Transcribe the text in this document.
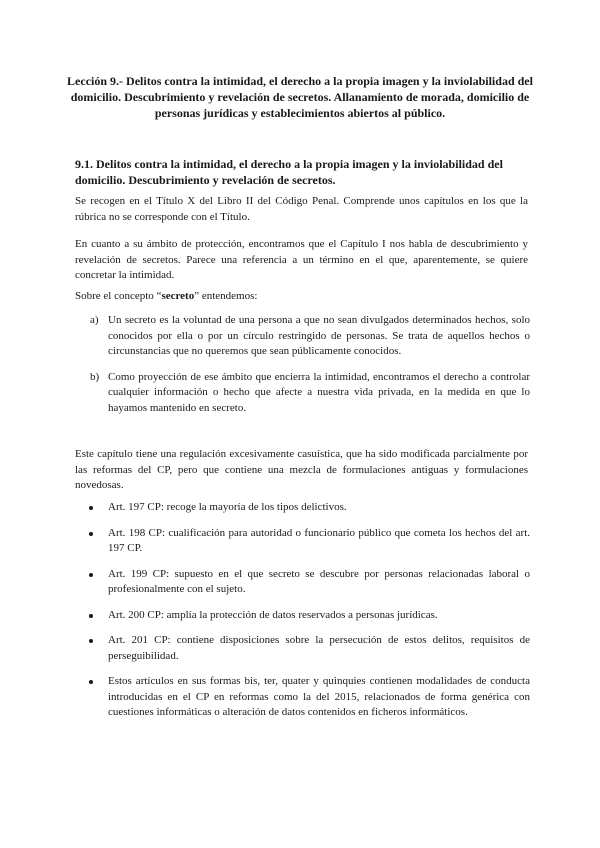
Lección 9.- Delitos contra la intimidad, el derecho a la propia imagen y la inviolabilidad del domicilio. Descubrimiento y revelación de secretos. Allanamiento de morada, domicilio de personas jurídicas y establecimientos abiertos al público.
9.1. Delitos contra la intimidad, el derecho a la propia imagen y la inviolabilidad del domicilio. Descubrimiento y revelación de secretos.

Se recogen en el Título X del Libro II del Código Penal. Comprende unos capítulos en los que la rúbrica no se corresponde con el Título.

En cuanto a su ámbito de protección, encontramos que el Capítulo I nos habla de descubrimiento y revelación de secretos. Parece una referencia a un término en el que, aparentemente, se quiere concretar la intimidad.

Sobre el concepto “secreto” entendemos:

a) Un secreto es la voluntad de una persona a que no sean divulgados determinados hechos, solo conocidos por ella o por un círculo restringido de personas. Se trata de aquellos hechos o circunstancias que no queremos que sean públicamente conocidos.
b) Como proyección de ese ámbito que encierra la intimidad, encontramos el derecho a controlar cualquier información o hecho que afecte a nuestra vida privada, en la medida en que lo hayamos mantenido en secreto.

Este capítulo tiene una regulación excesivamente casuística, que ha sido modificada parcialmente por las reformas del CP, pero que contiene una mezcla de formulaciones antiguas y formulaciones novedosas.

Art. 197 CP: recoge la mayoría de los tipos delictivos.
Art. 198 CP: cualificación para autoridad o funcionario público que cometa los hechos del art. 197 CP.
Art. 199 CP: supuesto en el que secreto se descubre por personas relacionadas laboral o profesionalmente con el sujeto.
Art. 200 CP: amplía la protección de datos reservados a personas jurídicas.
Art. 201 CP: contiene disposiciones sobre la persecución de estos delitos, requisitos de perseguibilidad.
Estos artículos en sus formas bis, ter, quater y quinquies contienen modalidades de conducta introducidas en el CP en reformas como la del 2015, relacionados de forma genérica con cuestiones informáticas o alteración de datos contenidos en ficheros informáticos.
